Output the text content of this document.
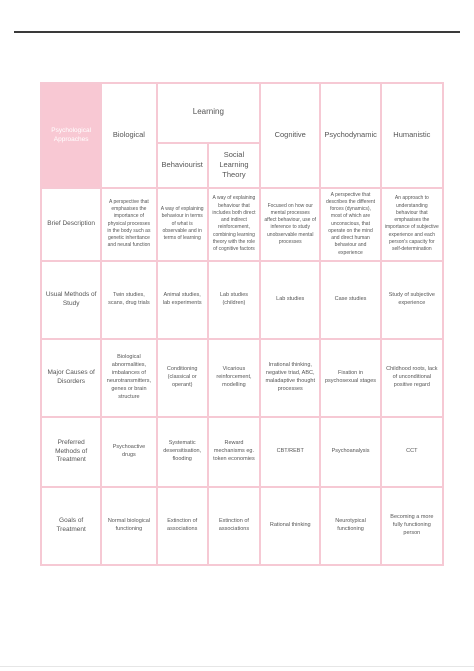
Psychological Approaches	Biological	Learning		Cognitive	Psychodynamic	Humanistic
		Behaviourist	Social Learning Theory			
Brief Description	A perspective that emphasises the importance of physical processes in the body such as genetic inheritance and neural function	A way of explaining behaviour in terms of what is observable and in terms of learning	A way of explaining behaviour that includes both direct and indirect reinforcement, combining learning theory with the role of cognitive factors	Focused on how our mental processes affect behaviour, use of inference to study unobservable mental processes	A perspective that describes the different forces (dynamics), most of which are unconscious, that operate on the mind and direct human behaviour and experience	An approach to understanding behaviour that emphasises the importance of subjective experience and each person's capacity for self-determination
Usual Methods of Study	Twin studies, scans, drug trials	Animal studies, lab experiments	Lab studies (children)	Lab studies	Case studies	Study of subjective experience
Major Causes of Disorders	Biological abnormalities, imbalances of neurotransmitters, genes or brain structure	Conditioning (classical or operant)	Vicarious reinforcement, modelling	Irrational thinking, negative triad, ABC, maladaptive thought processes	Fixation in psychosexual stages	Childhood roots, lack of unconditional positive regard
Preferred Methods of Treatment	Psychoactive drugs	Systematic desensitisation, flooding	Reward mechanisms eg. token economies	CBT/REBT	Psychoanalysis	CCT
Goals of Treatment	Normal biological functioning	Extinction of associations	Extinction of associations	Rational thinking	Neurotypical functioning	Becoming a more fully functioning person
